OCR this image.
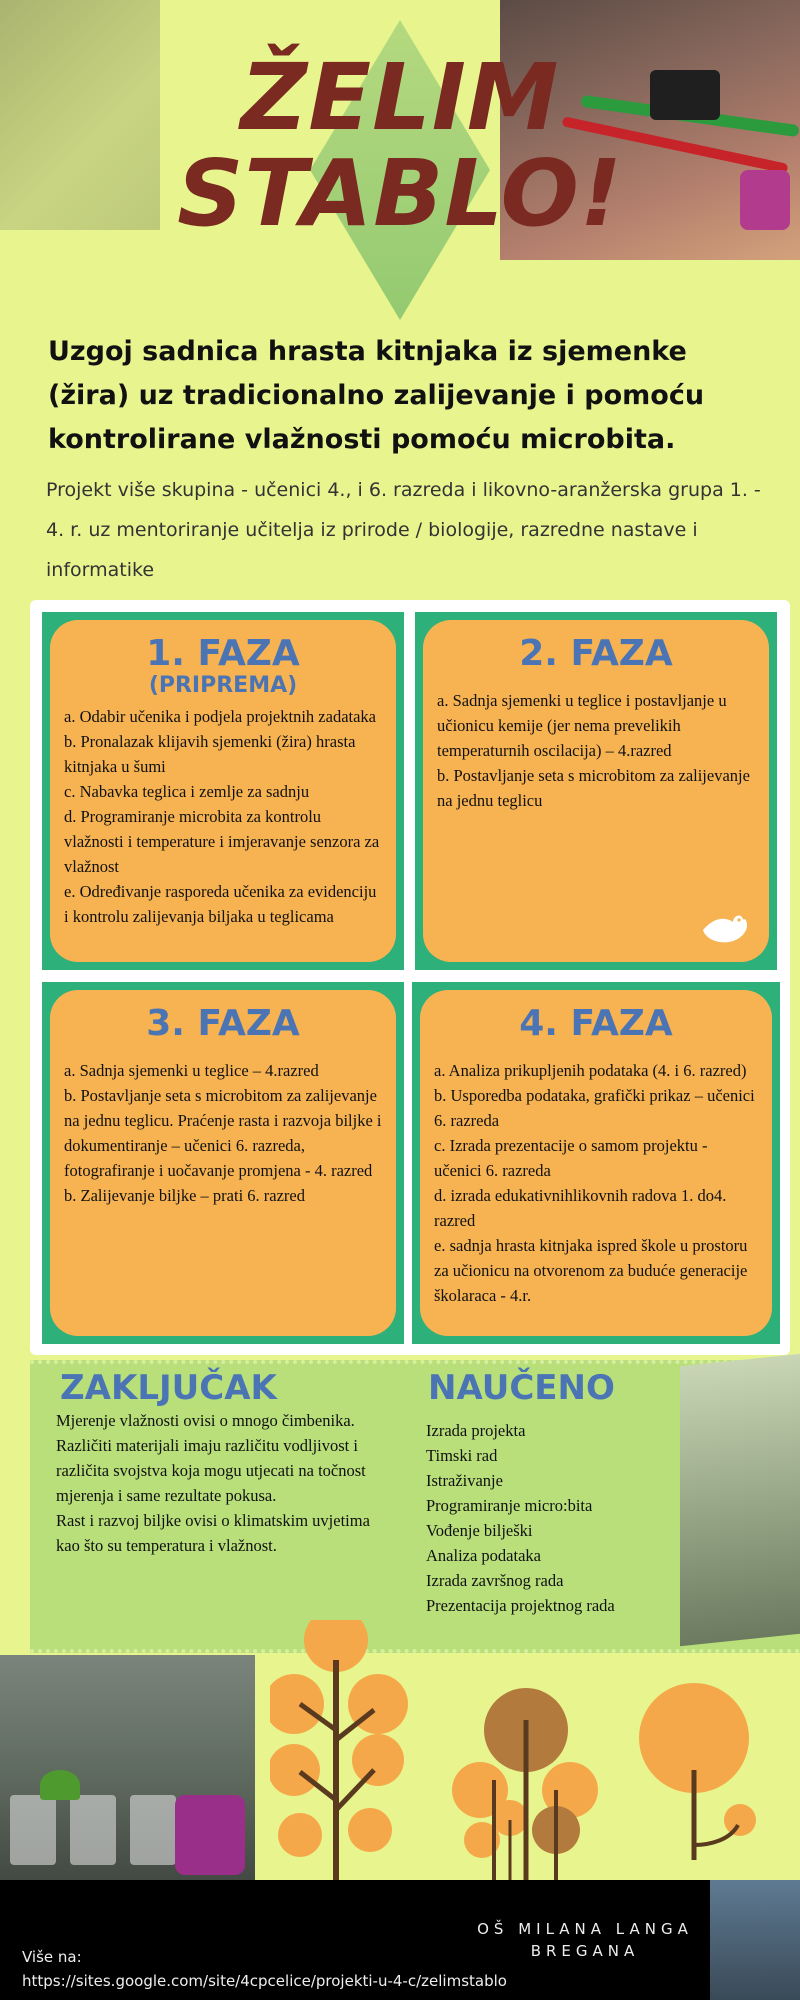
ŽELIM
STABLO!

Uzgoj sadnica hrasta kitnjaka iz sjemenke (žira) uz tradicionalno zalijevanje i pomoću kontrolirane vlažnosti pomoću microbita.

Projekt više skupina - učenici 4., i 6. razreda i likovno-aranžerska grupa 1. - 4. r. uz mentoriranje učitelja iz prirode / biologije, razredne nastave i informatike

1. FAZA
(PRIPREMA)
a. Odabir učenika i podjela projektnih zadataka
b. Pronalazak klijavih sjemenki (žira) hrasta kitnjaka u šumi
c. Nabavka teglica i zemlje za sadnju
d. Programiranje microbita za kontrolu vlažnosti i temperature i imjeravanje senzora za vlažnost
e. Određivanje rasporeda učenika za evidenciju i kontrolu zalijevanja biljaka u teglicama
2. FAZA
a. Sadnja sjemenki u teglice i postavljanje u učionicu kemije (jer nema prevelikih temperaturnih oscilacija) – 4.razred
b. Postavljanje seta s microbitom za zalijevanje na jednu teglicu
3. FAZA
a. Sadnja sjemenki u teglice – 4.razred
b. Postavljanje seta s microbitom za zalijevanje na jednu teglicu. Praćenje rasta i razvoja biljke i dokumentiranje – učenici 6. razreda, fotografiranje i uočavanje promjena - 4. razred
b. Zalijevanje biljke – prati 6. razred
4. FAZA
a. Analiza prikupljenih podataka (4. i 6. razred)
b. Usporedba podataka, grafički prikaz – učenici 6. razreda
c. Izrada prezentacije o samom projektu - učenici 6. razreda
d. izrada edukativnihlikovnih radova 1. do4. razred
e. sadnja hrasta kitnjaka ispred škole u prostoru za učionicu na otvorenom za buduće generacije školaraca - 4.r.
ZAKLJUČAK
Mjerenje vlažnosti ovisi o mnogo čimbenika.
Različiti materijali imaju različitu vodljivost i različita svojstva koja mogu utjecati na točnost mjerenja i same rezultate pokusa.
Rast i razvoj biljke ovisi o klimatskim uvjetima kao što su temperatura i vlažnost.
NAUČENO
Izrada projekta
Timski rad
Istraživanje
Programiranje micro:bita
Vođenje bilješki
Analiza podataka
Izrada završnog rada
Prezentacija projektnog rada
OŠ MILANA LANGA
BREGANA
Više na:
https://sites.google.com/site/4cpcelice/projekti-u-4-c/zelimstablo
